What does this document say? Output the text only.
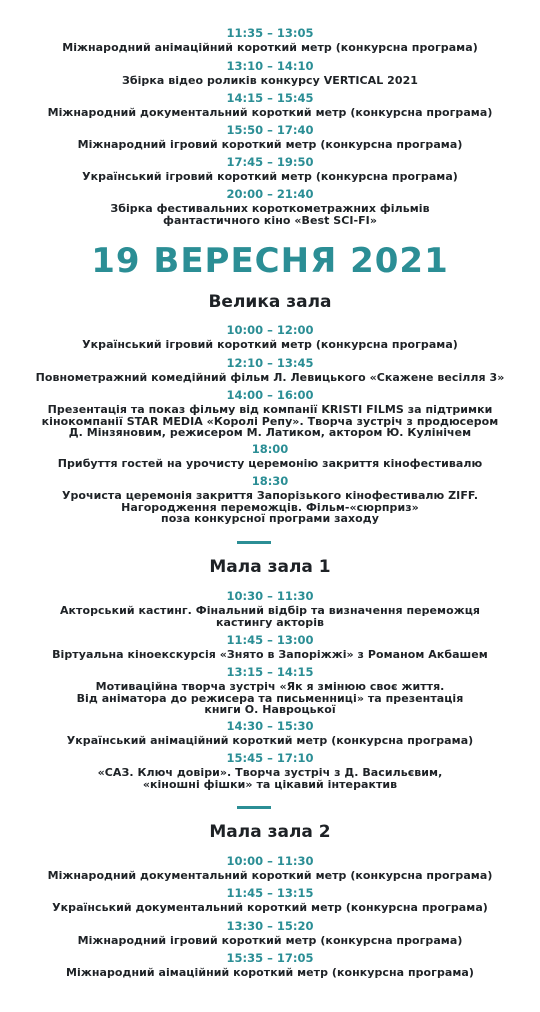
11:35 – 13:05
Міжнародний анімаційний короткий метр (конкурсна програма)
13:10 – 14:10
Збірка відео роликів конкурсу VERTICAL 2021
14:15 – 15:45
Міжнародний документальний короткий метр (конкурсна програма)
15:50 – 17:40
Міжнародний ігровий короткий метр (конкурсна програма)
17:45 – 19:50
Український ігровий короткий метр (конкурсна програма)
20:00 – 21:40
Збірка фестивальних короткометражних фільмів
фантастичного кіно «Best SCI-FI»
19 ВЕРЕСНЯ 2021
Велика зала
10:00 – 12:00
Український ігровий короткий метр (конкурсна програма)
12:10 – 13:45
Повнометражний комедійний фільм Л. Левицького «Скажене весілля 3»
14:00 – 16:00
Презентація та показ фільму від компанії KRISTI FILMS за підтримки
кінокомпанії STAR MEDIA «Королі Репу». Творча зустріч з продюсером
Д. Мінзяновим, режисером М. Латиком, актором Ю. Кулінічем
18:00
Прибуття гостей на урочисту церемонію закриття кінофестивалю
18:30
Урочиста церемонія закриття Запорізького кінофестивалю ZIFF.
Нагородження переможців. Фільм-«сюрприз»
поза конкурсної програми заходу
Мала зала 1
10:30 – 11:30
Акторський кастинг. Фінальний відбір та визначення переможця
кастингу акторів
11:45 – 13:00
Віртуальна кіноекскурсія «Знято в Запоріжжі» з Романом Акбашем
13:15 – 14:15
Мотиваційна творча зустріч «Як я змінюю своє життя.
Від аніматора до режисера та письменниці» та презентація
книги О. Навроцької
14:30 – 15:30
Український анімаційний короткий метр (конкурсна програма)
15:45 – 17:10
«САЗ. Ключ довіри». Творча зустріч з Д. Васильєвим,
«кіношні фішки» та цікавий інтерактив
Мала зала 2
10:00 – 11:30
Міжнародний документальний короткий метр (конкурсна програма)
11:45 – 13:15
Український документальний короткий метр (конкурсна програма)
13:30 – 15:20
Міжнародний ігровий короткий метр (конкурсна програма)
15:35 – 17:05
Міжнародний аімаційний короткий метр (конкурсна програма)
